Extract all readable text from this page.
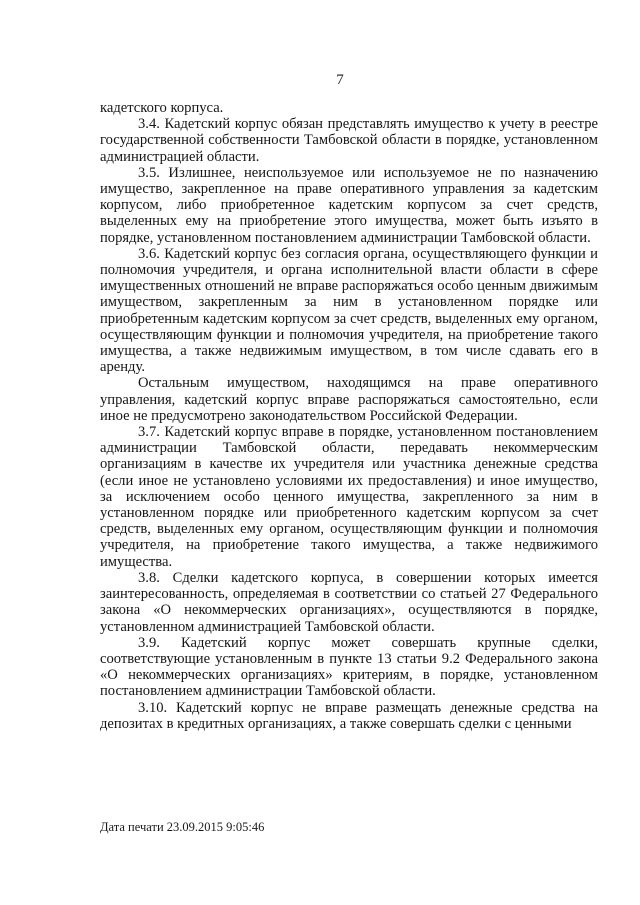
7

кадетского корпуса.

3.4. Кадетский корпус обязан представлять имущество к учету в реестре государственной собственности Тамбовской области в порядке, установленном администрацией области.

3.5. Излишнее, неиспользуемое или используемое не по назначению имущество, закрепленное на праве оперативного управления за кадетским корпусом, либо приобретенное кадетским корпусом за счет средств, выделенных ему на приобретение этого имущества, может быть изъято в порядке, установленном постановлением администрации Тамбовской области.

3.6. Кадетский корпус без согласия органа, осуществляющего функции и полномочия учредителя, и органа исполнительной власти области в сфере имущественных отношений не вправе распоряжаться особо ценным движимым имуществом, закрепленным за ним в установленном порядке или приобретенным кадетским корпусом за счет средств, выделенных ему органом, осуществляющим функции и полномочия учредителя, на приобретение такого имущества, а также недвижимым имуществом, в том числе сдавать его в аренду.

Остальным имуществом, находящимся на праве оперативного управления, кадетский корпус вправе распоряжаться самостоятельно, если иное не предусмотрено законодательством Российской Федерации.

3.7. Кадетский корпус вправе в порядке, установленном постановлением администрации Тамбовской области, передавать некоммерческим организациям в качестве их учредителя или участника денежные средства (если иное не установлено условиями их предоставления) и иное имущество, за исключением особо ценного имущества, закрепленного за ним в установленном порядке или приобретенного кадетским корпусом за счет средств, выделенных ему органом, осуществляющим функции и полномочия учредителя, на приобретение такого имущества, а также недвижимого имущества.

3.8. Сделки кадетского корпуса, в совершении которых имеется заинтересованность, определяемая в соответствии со статьей 27 Федерального закона «О некоммерческих организациях», осуществляются в порядке, установленном администрацией Тамбовской области.

3.9. Кадетский корпус может совершать крупные сделки, соответствующие установленным в пункте 13 статьи 9.2 Федерального закона «О некоммерческих организациях» критериям, в порядке, установленном постановлением администрации Тамбовской области.

3.10. Кадетский корпус не вправе размещать денежные средства на депозитах в кредитных организациях, а также совершать сделки с ценными

Дата печати 23.09.2015 9:05:46
